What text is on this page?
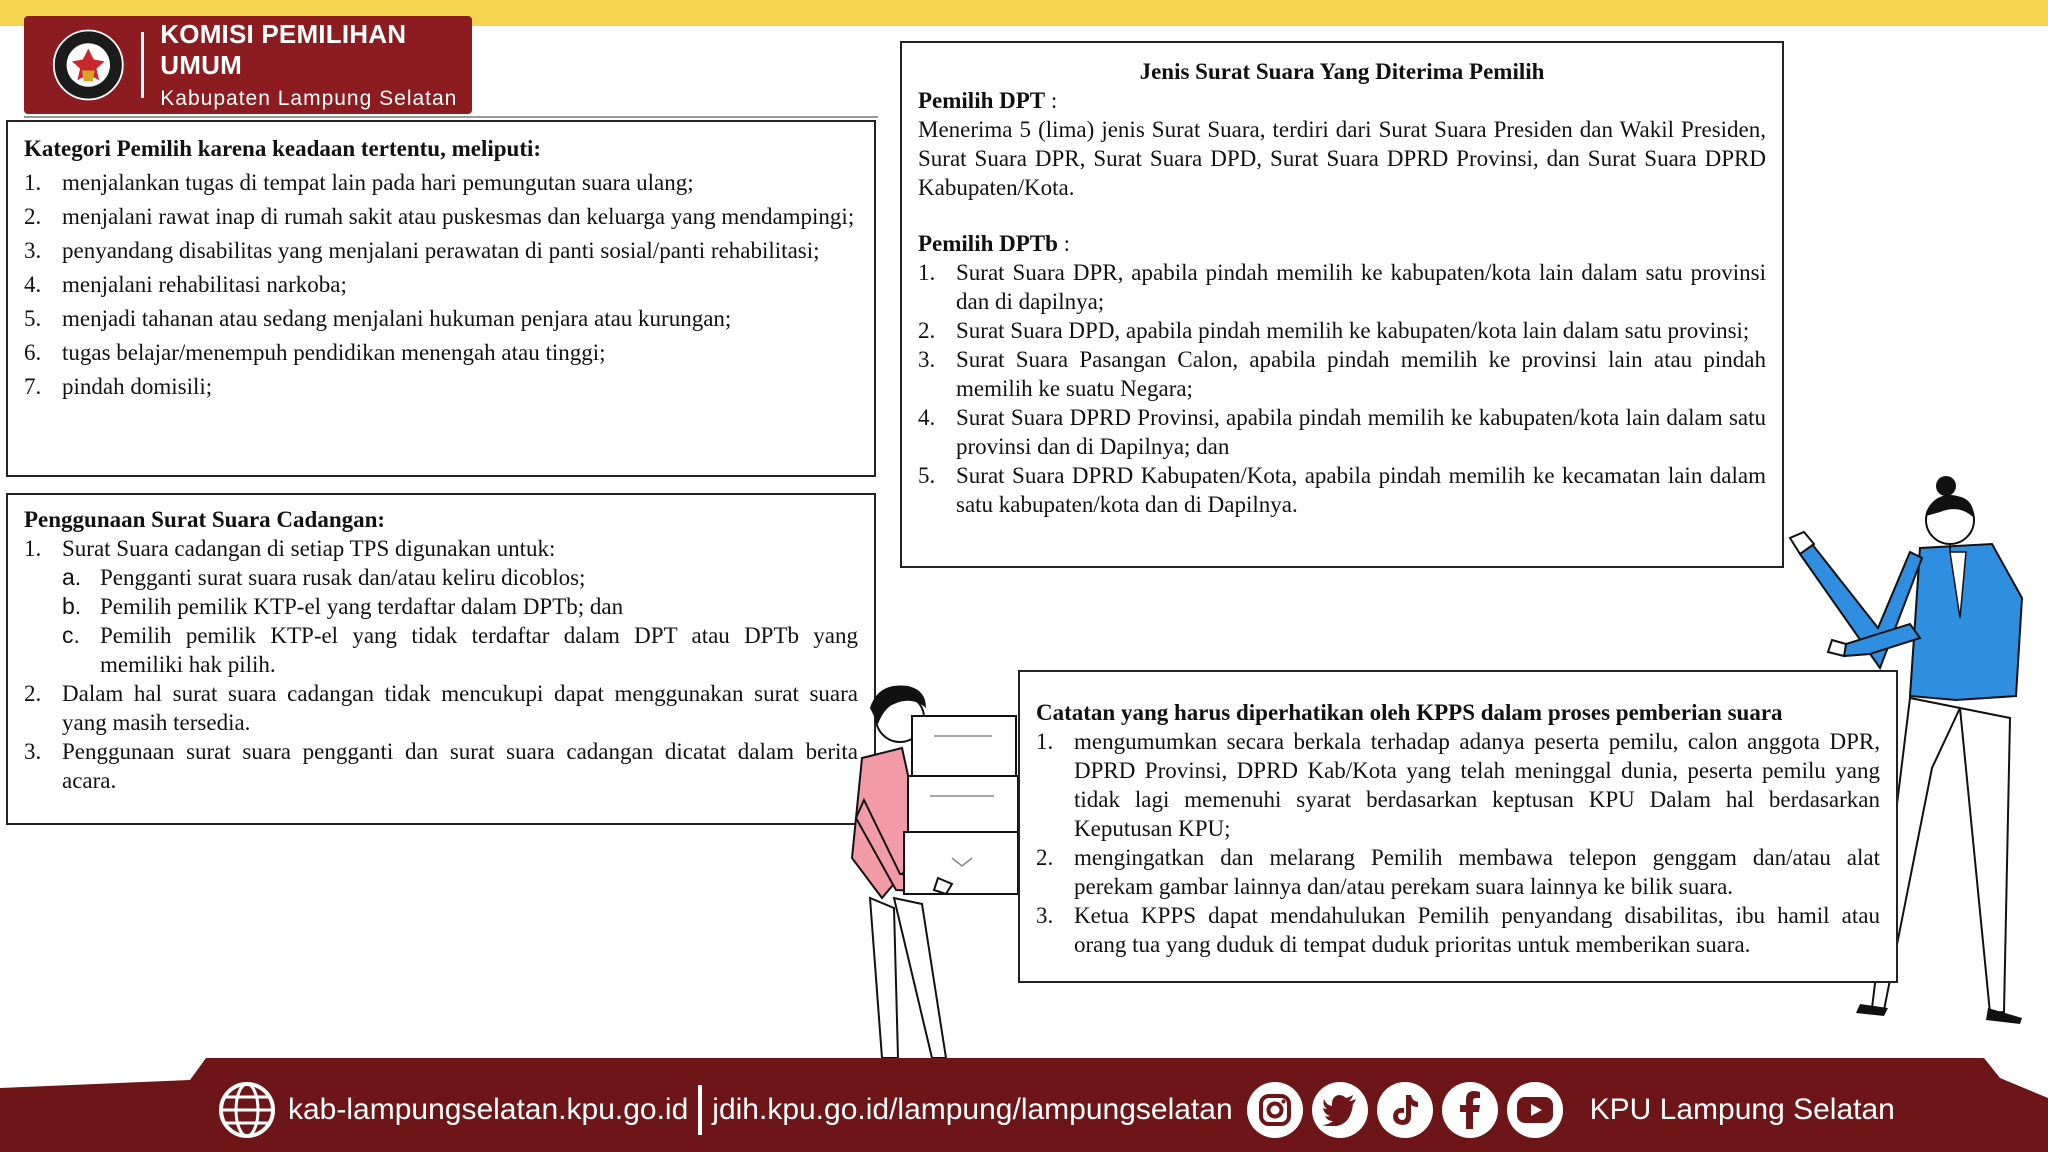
KOMISI PEMILIHAN UMUM
Kabupaten Lampung Selatan
Kategori Pemilih karena keadaan tertentu, meliputi:
1. menjalankan tugas di tempat lain pada hari pemungutan suara ulang;
2. menjalani rawat inap di rumah sakit atau puskesmas dan keluarga yang mendampingi;
3. penyandang disabilitas yang menjalani perawatan di panti sosial/panti rehabilitasi;
4. menjalani rehabilitasi narkoba;
5. menjadi tahanan atau sedang menjalani hukuman penjara atau kurungan;
6. tugas belajar/menempuh pendidikan menengah atau tinggi;
7. pindah domisili;
Penggunaan Surat Suara Cadangan:
1. Surat Suara cadangan di setiap TPS digunakan untuk:
a. Pengganti surat suara rusak dan/atau keliru dicoblos;
b. Pemilih pemilik KTP-el yang terdaftar dalam DPTb; dan
c. Pemilih pemilik KTP-el yang tidak terdaftar dalam DPT atau DPTb yang memiliki hak pilih.
2. Dalam hal surat suara cadangan tidak mencukupi dapat menggunakan surat suara yang masih tersedia.
3. Penggunaan surat suara pengganti dan surat suara cadangan dicatat dalam berita acara.
Jenis Surat Suara Yang Diterima Pemilih
Pemilih DPT :
Menerima 5 (lima) jenis Surat Suara, terdiri dari Surat Suara Presiden dan Wakil Presiden, Surat Suara DPR, Surat Suara DPD, Surat Suara DPRD Provinsi, dan Surat Suara DPRD Kabupaten/Kota.
Pemilih DPTb :
1. Surat Suara DPR, apabila pindah memilih ke kabupaten/kota lain dalam satu provinsi dan di dapilnya;
2. Surat Suara DPD, apabila pindah memilih ke kabupaten/kota lain dalam satu provinsi;
3. Surat Suara Pasangan Calon, apabila pindah memilih ke provinsi lain atau pindah memilih ke suatu Negara;
4. Surat Suara DPRD Provinsi, apabila pindah memilih ke kabupaten/kota lain dalam satu provinsi dan di Dapilnya; dan
5. Surat Suara DPRD Kabupaten/Kota, apabila pindah memilih ke kecamatan lain dalam satu kabupaten/kota dan di Dapilnya.
Catatan yang harus diperhatikan oleh KPPS dalam proses pemberian suara
1. mengumumkan secara berkala terhadap adanya peserta pemilu, calon anggota DPR, DPRD Provinsi, DPRD Kab/Kota yang telah meninggal dunia, peserta pemilu yang tidak lagi memenuhi syarat berdasarkan keptusan KPU Dalam hal berdasarkan Keputusan KPU;
2. mengingatkan dan melarang Pemilih membawa telepon genggam dan/atau alat perekam gambar lainnya dan/atau perekam suara lainnya ke bilik suara.
3. Ketua KPPS dapat mendahulukan Pemilih penyandang disabilitas, ibu hamil atau orang tua yang duduk di tempat duduk prioritas untuk memberikan suara.
kab-lampungselatan.kpu.go.id jdih.kpu.go.id/lampung/lampungselatan	KPU Lampung Selatan
